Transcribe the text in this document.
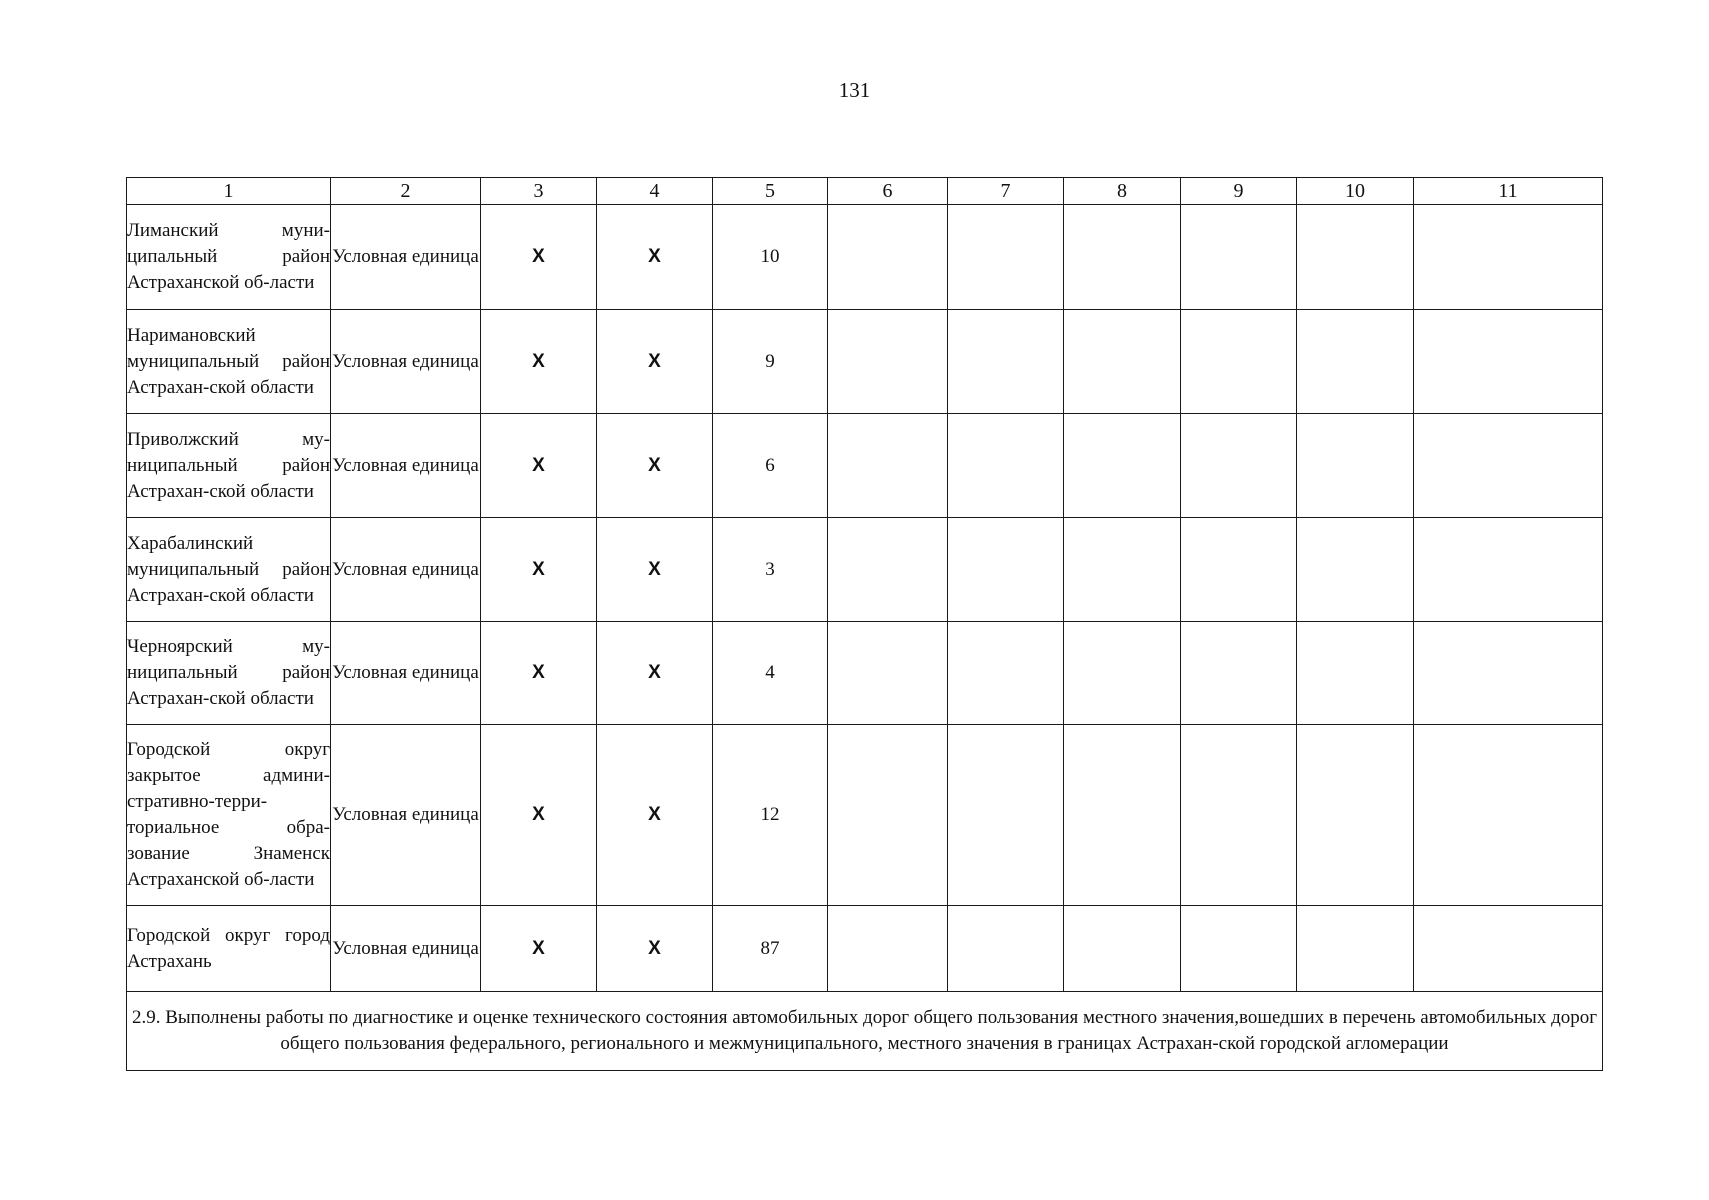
131
1	2	3	4	5	6	7	8	9	10	11
Лиманский муни-ципальный район Астраханской об-ласти	Условная единица	X	X	10						
Наримановский муниципальный район Астрахан-ской области	Условная единица	X	X	9						
Приволжский му-ниципальный район Астрахан-ской области	Условная единица	X	X	6						
Харабалинский муниципальный район Астрахан-ской области	Условная единица	X	X	3						
Черноярский му-ниципальный район Астрахан-ской области	Условная единица	X	X	4						
Городской округ закрытое админи-стративно-терри-ториальное обра-зование Знаменск Астраханской об-ласти	Условная единица	X	X	12						
Городской округ город Астрахань	Условная единица	X	X	87						
2.9. Выполнены работы по диагностике и оценке технического состояния автомобильных дорог общего пользования местного значения,вошедших в перечень автомобильных дорог общего пользования федерального, регионального и межмуниципального, местного значения в границах Астрахан-ской городской агломерации										
